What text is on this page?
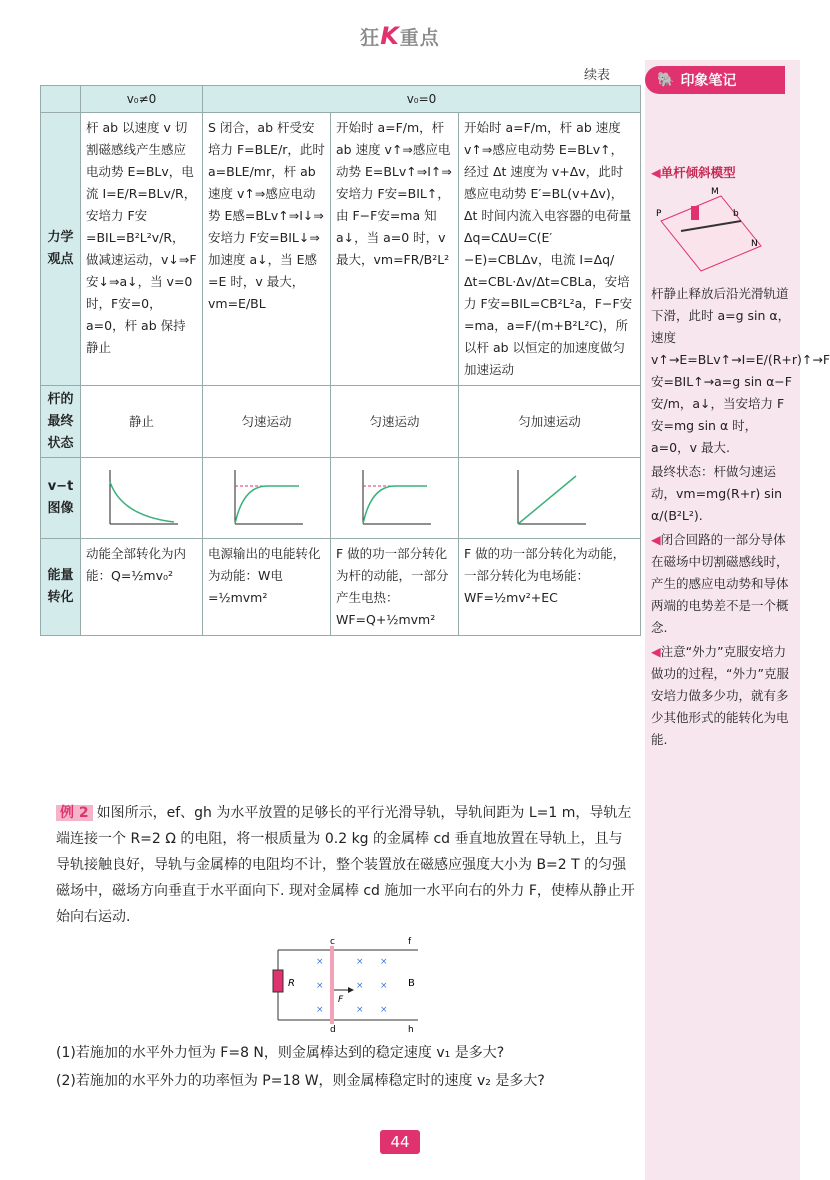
狂K重点
续表	🐘 印象笔记

◀单杆倾斜模型

P	b
N
M

杆静止释放后沿光滑轨道下滑，此时 a=g sin α，速度 v↑→E=BLv↑→I=E/(R+r)↑→F安=BIL↑→a=g sin α−F安/m，a↓，当安培力 F安=mg sin α 时，a=0，v 最大.

最终状态：杆做匀速运动，vm=mg(R+r) sin α/(B²L²).

◀闭合回路的一部分导体在磁场中切割磁感线时，产生的感应电动势和导体两端的电势差不是一个概念.

◀注意“外力”克服安培力做功的过程，“外力”克服安培力做多少功，就有多少其他形式的能转化为电能.

	v₀≠0	v₀=0		
力学观点	杆 ab 以速度 v 切割磁感线产生感应电动势 E=BLv，电流 I=E/R=BLv/R，安培力 F安=BIL=B²L²v/R，做减速运动，v↓⇒F安↓⇒a↓，当 v=0 时，F安=0，a=0，杆 ab 保持静止	S 闭合，ab 杆受安培力 F=BLE/r，此时 a=BLE/mr，杆 ab 速度 v↑⇒感应电动势 E感=BLv↑⇒I↓⇒安培力 F安=BIL↓⇒加速度 a↓，当 E感=E 时，v 最大，vm=E/BL	开始时 a=F/m，杆 ab 速度 v↑⇒感应电动势 E=BLv↑⇒I↑⇒安培力 F安=BIL↑，由 F−F安=ma 知 a↓，当 a=0 时，v 最大，vm=FR/B²L²	开始时 a=F/m，杆 ab 速度 v↑⇒感应电动势 E=BLv↑，经过 Δt 速度为 v+Δv，此时感应电动势 E′=BL(v+Δv)，Δt 时间内流入电容器的电荷量 Δq=CΔU=C(E′−E)=CBLΔv，电流 I=Δq/Δt=CBL·Δv/Δt=CBLa，安培力 F安=BIL=CB²L²a，F−F安=ma，a=F/(m+B²L²C)，所以杆 ab 以恒定的加速度做匀加速运动
杆的最终状态	静止	匀速运动	匀速运动	匀加速运动
v−t 图像	

能量转化	动能全部转化为内能：Q=½mv₀²	电源输出的电能转化为动能：W电=½mvm²	F 做的功一部分转化为杆的动能，一部分产生电热：WF=Q+½mvm²	F 做的功一部分转化为动能，一部分转化为电场能：WF=½mv²+EC
例 2 如图所示，ef、gh 为水平放置的足够长的平行光滑导轨，导轨间距为 L=1 m，导轨左端连接一个 R=2 Ω 的电阻，将一根质量为 0.2 kg 的金属棒 cd 垂直地放置在导轨上，且与导轨接触良好，导轨与金属棒的电阻均不计，整个装置放在磁感应强度大小为 B=2 T 的匀强磁场中，磁场方向垂直于水平面向下. 现对金属棒 cd 施加一水平向右的外力 F，使棒从静止开始向右运动.
R
c
d
f
h
B
×	× ×
×	× ×
×	× ×
F
(1)若施加的水平外力恒为 F=8 N，则金属棒达到的稳定速度 v₁ 是多大?
(2)若施加的水平外力的功率恒为 P=18 W，则金属棒稳定时的速度 v₂ 是多大?
44
